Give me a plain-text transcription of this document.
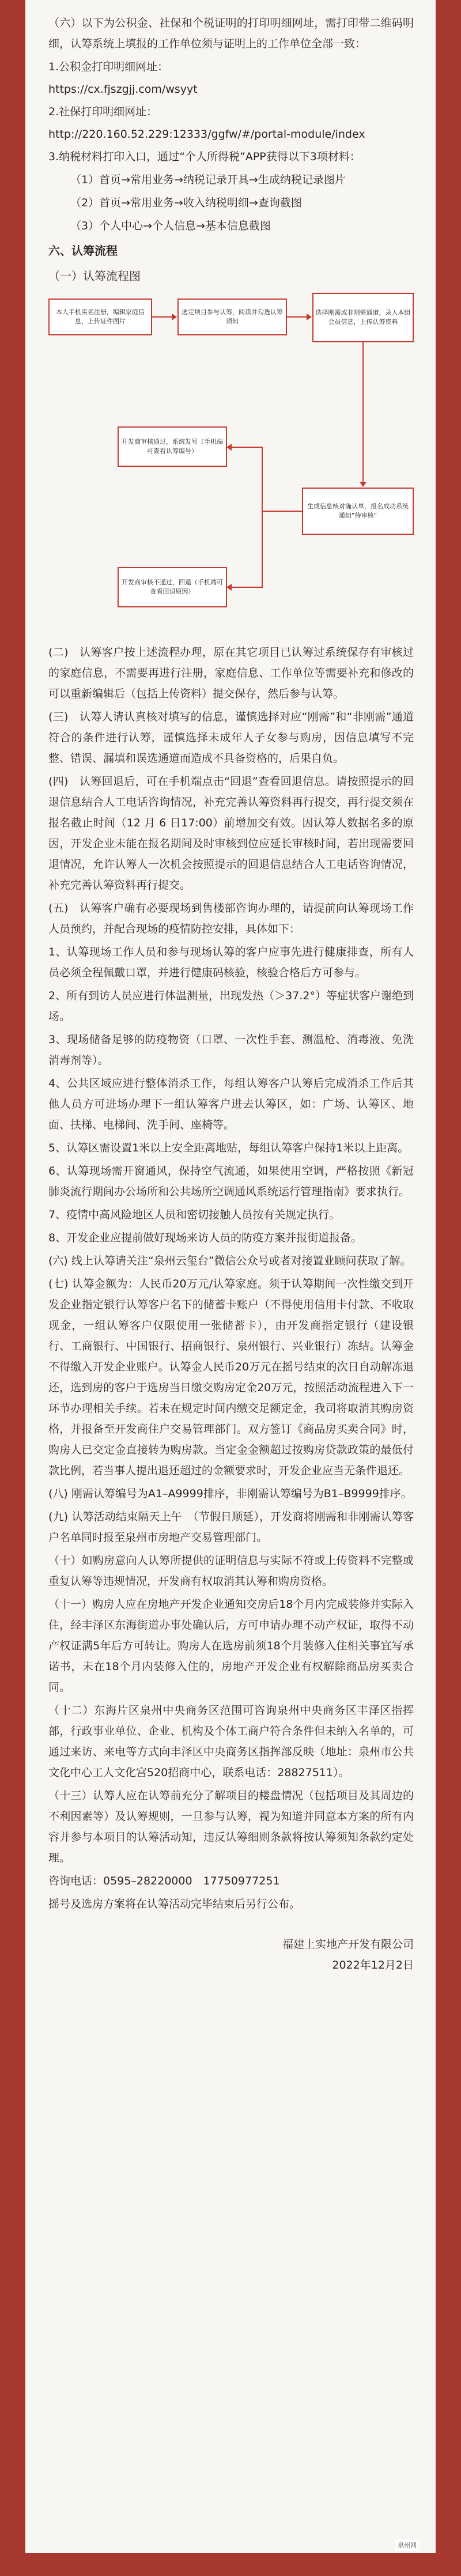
（六）以下为公积金、社保和个税证明的打印明细网址，需打印带二维码明细，认筹系统上填报的工作单位须与证明上的工作单位全部一致：

1.公积金打印明细网址：

https://cx.fjszgjj.com/wsyyt

2.社保打印明细网址：

http://220.160.52.229:12333/ggfw/#/portal-module/index

3.纳税材料打印入口，通过“个人所得税”APP获得以下3项材料：

（1）首页→常用业务→纳税记录开具→生成纳税记录图片

（2）首页→常用业务→收入纳税明细→查询截图

（3）个人中心→个人信息→基本信息截图

六、认筹流程
（一）认筹流程图
本人手机实名注册，编辑家庭信息，上传证件图片
选定项目参与认筹，阅读并勾选认筹须知
选择刚需或非刚需通道，录入本组会员信息，上传认筹资料
生成信息核对确认单，报名成功系统通知“待审核”
开发商审核通过，系统发号（手机端可查看认筹编号）
开发商审核不通过，回退（手机端可查看回退原因）

(二)　认筹客户按上述流程办理，原在其它项目已认筹过系统保存有审核过的家庭信息，不需要再进行注册，家庭信息、工作单位等需要补充和修改的可以重新编辑后（包括上传资料）提交保存，然后参与认筹。

(三)　认筹人请认真核对填写的信息，谨慎选择对应“刚需”和“非刚需”通道符合的条件进行认筹，谨慎选择未成年人子女参与购房，因信息填写不完整、错误、漏填和误选通道而造成不具备资格的，后果自负。

(四)　认筹回退后，可在手机端点击“回退”查看回退信息。请按照提示的回退信息结合人工电话咨询情况，补充完善认筹资料再行提交，再行提交须在报名截止时间（12 月 6 日17:00）前增加交有效。因认筹人数据名多的原因，开发企业未能在报名期间及时审核到位应延长审核时间，若出现需要回退情况，允许认筹人一次机会按照提示的回退信息结合人工电话咨询情况，补充完善认筹资料再行提交。

(五)　认筹客户确有必要现场到售楼部咨询办理的，请提前向认筹现场工作人员预约，并配合现场的疫情防控安排，具体如下：

1、认筹现场工作人员和参与现场认筹的客户应事先进行健康排查，所有人员必须全程佩戴口罩，并进行健康码核验，核验合格后方可参与。

2、所有到访人员应进行体温测量，出现发热（＞37.2°）等症状客户谢绝到场。

3、现场储备足够的防疫物资（口罩、一次性手套、测温枪、消毒液、免洗消毒剂等）。

4、公共区域应进行整体消杀工作，每组认筹客户认筹后完成消杀工作后其他人员方可进场办理下一组认筹客户进去认筹区，如：广场、认筹区、地面、扶梯、电梯间、洗手间、座椅等。

5、认筹区需设置1米以上安全距离地贴，每组认筹客户保持1米以上距离。

6、认筹现场需开窗通风，保持空气流通，如果使用空调，严格按照《新冠肺炎流行期间办公场所和公共场所空调通风系统运行管理指南》要求执行。

7、疫情中高风险地区人员和密切接触人员按有关规定执行。

8、开发企业应提前做好现场来访人员的防疫方案并报街道报备。

(六) 线上认筹请关注“泉州云玺台”微信公众号或者对接置业顾问获取了解。

(七) 认筹金额为：人民币20万元/认筹家庭。须于认筹期间一次性缴交到开发企业指定银行认筹客户名下的储蓄卡账户（不得使用信用卡付款、不收取现金，一组认筹客户仅限使用一张储蓄卡），由开发商指定银行（建设银行、工商银行、中国银行、招商银行、泉州银行、兴业银行）冻结。认筹金不得缴入开发企业账户。认筹金人民币20万元在摇号结束的次日自动解冻退还，选到房的客户于选房当日缴交购房定金20万元，按照活动流程进入下一环节办理相关手续。若未在规定时间内缴交足额定金，我司将取消其购房资格，并报备至开发商住户交易管理部门。双方签订《商品房买卖合同》时，购房人已交定金直接转为购房款。当定金金额超过按购房贷款政策的最低付款比例，若当事人提出退还超过的金额要求时，开发企业应当无条件退还。

(八) 刚需认筹编号为A1–A9999排序，非刚需认筹编号为B1–B9999排序。

(九) 认筹活动结束隔天上午　（节假日顺延），开发商将刚需和非刚需认筹客户名单同时报至泉州市房地产交易管理部门。

（十）如购房意向人认筹所提供的证明信息与实际不符或上传资料不完整或重复认筹等违规情况，开发商有权取消其认筹和购房资格。

（十一）购房人应在房地产开发企业通知交房后18个月内完成装修并实际入住，经丰泽区东海街道办事处确认后，方可申请办理不动产权证，取得不动产权证满5年后方可转让。购房人在选房前须18个月装修入住相关事宜写承诺书，未在18个月内装修入住的，房地产开发企业有权解除商品房买卖合同。

（十二）东海片区泉州中央商务区范围可咨询泉州中央商务区丰泽区指挥部，行政事业单位、企业、机构及个体工商户符合条件但未纳入名单的，可通过来访、来电等方式向丰泽区中央商务区指挥部反映（地址：泉州市公共文化中心工人文化宫520招商中心，联系电话：28827511）。

（十三）认筹人应在认筹前充分了解项目的楼盘情况（包括项目及其周边的不利因素等）及认筹规则，一旦参与认筹，视为知道并同意本方案的所有内容并参与本项目的认筹活动知，违反认筹细则条款将按认筹须知条款约定处理。

咨询电话：0595–28220000　17750977251

摇号及选房方案将在认筹活动完毕结束后另行公布。

福建上实地产开发有限公司
2022年12月2日
泉州网
